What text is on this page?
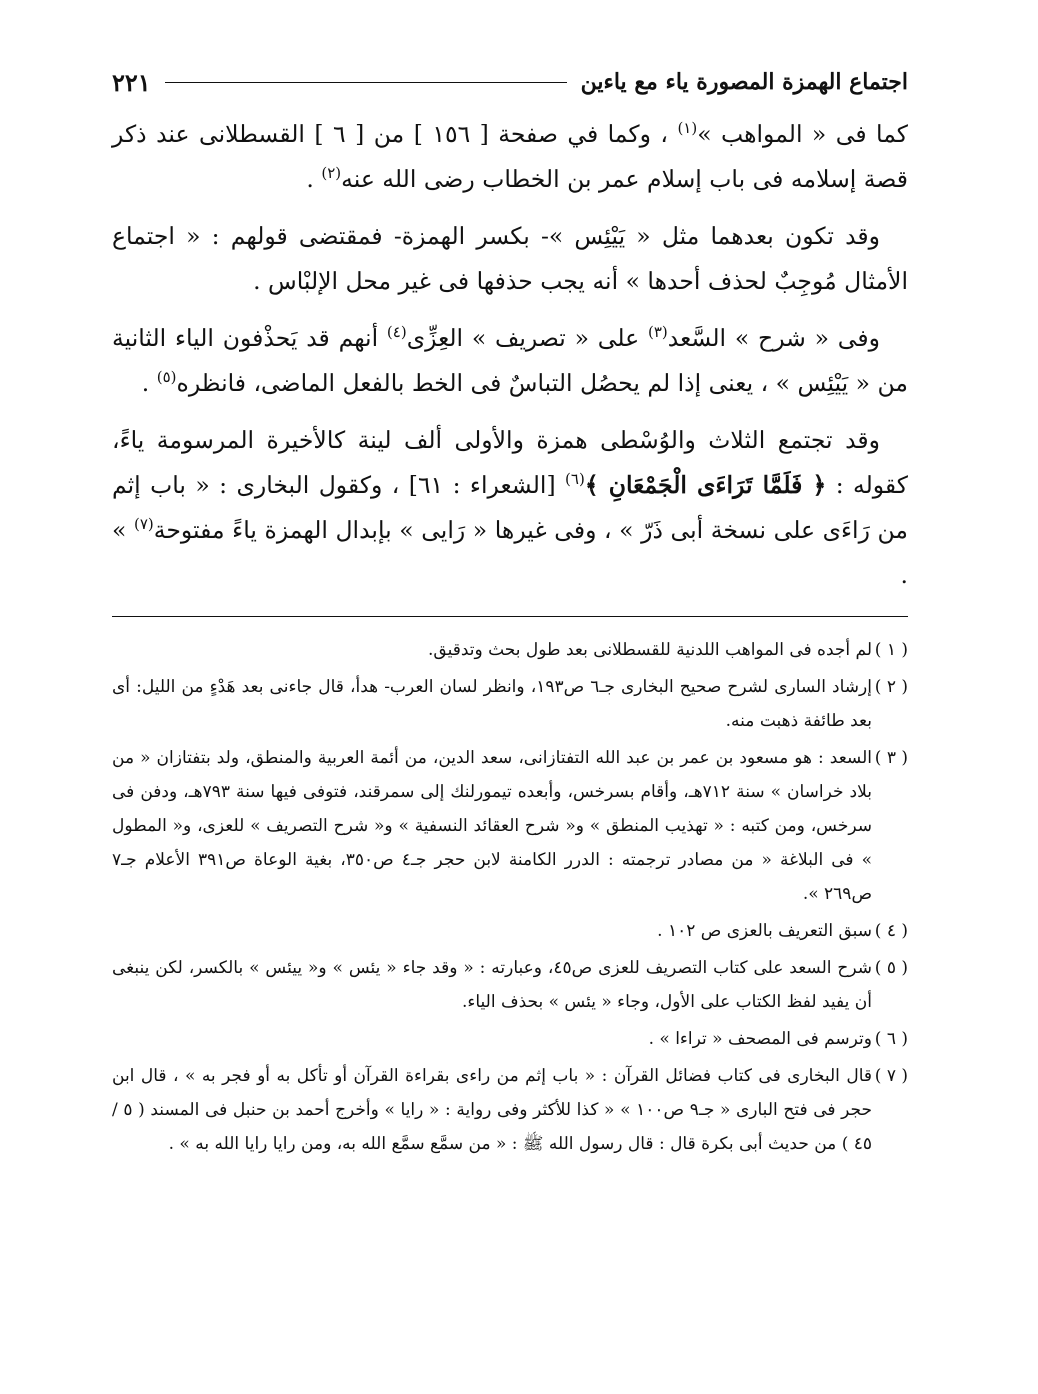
اجتماع الهمزة المصورة ياء مع ياءين
٢٢١

كما فى « المواهب »$^{(١)}$ ، وكما في صفحة [ ١٥٦ ] من [ ٦ ] القسطلانى عند ذكر قصة إسلامه فى باب إسلام عمر بن الخطاب رضى الله عنه$^{(٢)}$ .

وقد تكون بعدهما مثل « يَيْئِس »- بكسر الهمزة- فمقتضى قولهم : « اجتماع الأمثال مُوجِبٌ لحذف أحدها » أنه يجب حذفها فى غير محل الإلبْاس .

وفى « شرح » السَّعد$^{(٣)}$ على « تصريف » العِزِّى$^{(٤)}$ أنهم قد يَحذْفون الياء الثانية من « يَيْئِس » ، يعنى إذا لم يحصُل التباسٌ فى الخط بالفعل الماضى، فانظره$^{(٥)}$ .

وقد تجتمع الثلاث والوُسْطى همزة والأولى ألف لينة كالأخيرة المرسومة ياءً، كقوله : ﴿ فَلَمَّا تَرَاءَى الْجَمْعَانِ ﴾$^{(٦)}$ [الشعراء : ٦١] ، وكقول البخارى : « باب إثم من رَاءَى على نسخة أبى ذَرّ » ، وفى غيرها « رَايى » بإبدال الهمزة ياءً مفتوحة$^{(٧)}$ » .

( ١ )
لم أجده فى المواهب اللدنية للقسطلانى بعد طول بحث وتدقيق.
( ٢ )
إرشاد السارى لشرح صحيح البخارى جـ٦ ص١٩٣، وانظر لسان العرب- هدأ، قال جاءنى بعد هَدْءٍ من الليل: أى بعد طائفة ذهبت منه.
( ٣ )
السعد : هو مسعود بن عمر بن عبد الله التفتازانى، سعد الدين، من أئمة العربية والمنطق، ولد بتفتازان « من بلاد خراسان » سنة ٧١٢هـ، وأقام بسرخس، وأبعده تيمورلنك إلى سمرقند، فتوفى فيها سنة ٧٩٣هـ، ودفن فى سرخس، ومن كتبه : « تهذيب المنطق » و« شرح العقائد النسفية » و« شرح التصريف » للعزى، و« المطول » فى البلاغة « من مصادر ترجمته : الدرر الكامنة لابن حجر جـ٤ ص٣٥٠، بغية الوعاة ص٣٩١ الأعلام جـ٧ ص٢٦٩ ».
( ٤ )
سبق التعريف بالعزى ص ١٠٢ .
( ٥ )
شرح السعد على كتاب التصريف للعزى ص٤٥، وعبارته : « وقد جاء « يئس » و« ييئس » بالكسر، لكن ينبغى أن يفيد لفظ الكتاب على الأول، وجاء « يئس » بحذف الياء.
( ٦ )
وترسم فى المصحف « تراءا » .
( ٧ )
قال البخارى فى كتاب فضائل القرآن : « باب إثم من راءى بقراءة القرآن أو تأكل به أو فجر به » ، قال ابن حجر فى فتح البارى « جـ٩ ص١٠٠ » « كذا للأكثر وفى رواية : « رايا » وأخرج أحمد بن حنبل فى المسند ( ٥ / ٤٥ ) من حديث أبى بكرة قال : قال رسول الله ﷺ : « من سمَّع سمَّع الله به، ومن رايا رايا الله به » .
